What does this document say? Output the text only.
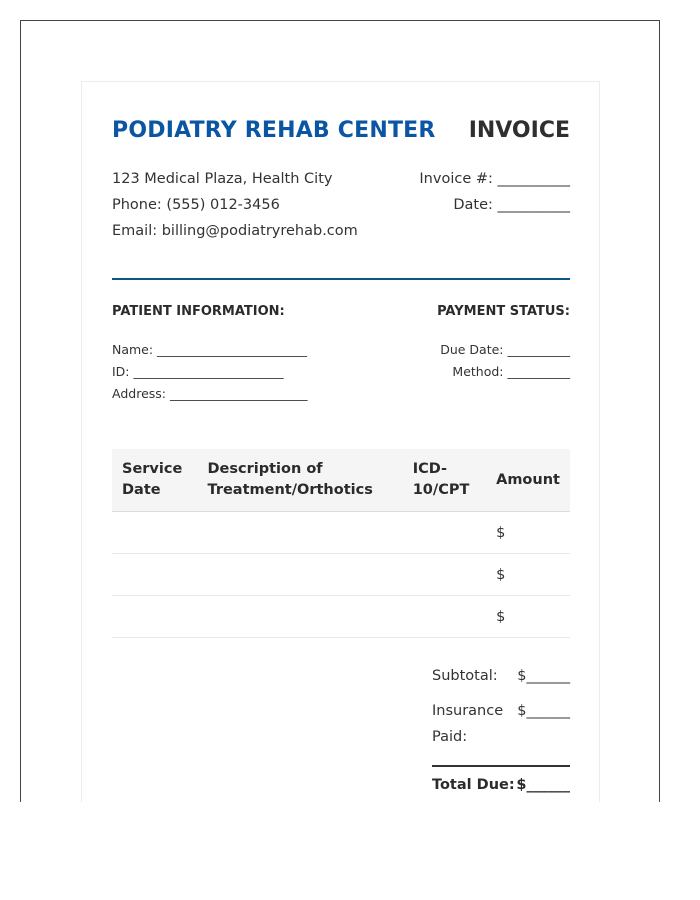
PODIATRY REHAB CENTER INVOICE
123 Medical Plaza, Health City
Phone: (555) 012-3456
Email: billing@podiatryrehab.com
Invoice #: __________
Date: __________
PATIENT INFORMATION:	PAYMENT STATUS:
Name: ________________________
ID: ________________________
Address: ______________________
Due Date: __________
Method: __________
Service Date	Description of Treatment/Orthotics	ICD-10/CPT	Amount
			$
			$
			$
Subtotal: $______
Insurance
Paid:
$______
Total Due: $______
